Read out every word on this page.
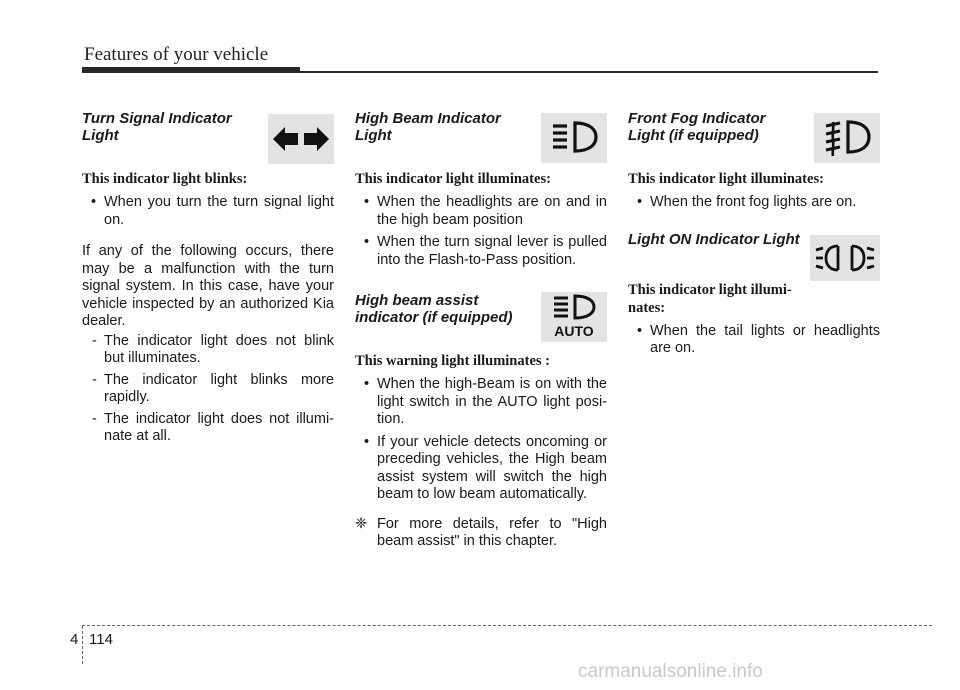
Features of your vehicle
Turn Signal Indicator Light
This indicator light blinks:
• When you turn the turn signal light on.
If any of the following occurs, there may be a malfunction with the turn signal system. In this case, have your vehicle inspected by an authorized Kia dealer.
- The indicator light does not blink but illuminates.
- The indicator light blinks more rapidly.
- The indicator light does not illumi-nate at all.
High Beam Indicator Light
This indicator light illuminates:
• When the headlights are on and in the high beam position
• When the turn signal lever is pulled into the Flash-to-Pass position.
High beam assist indicator (if equipped)
AUTO
This warning light illuminates :
• When the high-Beam is on with the light switch in the AUTO light posi-tion.
• If your vehicle detects oncoming or preceding vehicles, the High beam assist system will switch the high beam to low beam automatically.
❈ For more details, refer to "High beam assist" in this chapter.
Front Fog Indicator Light (if equipped)
This indicator light illuminates:
• When the front fog lights are on.
Light ON Indicator Light
This indicator light illumi-nates:
• When the tail lights or headlights are on.
4 114
carmanualsonline.info
